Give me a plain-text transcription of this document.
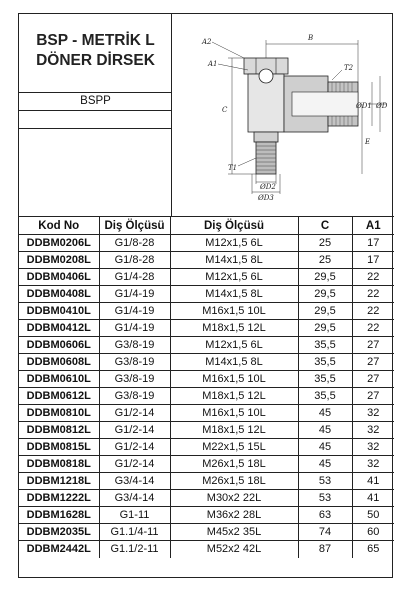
BSP - METRİK L
DÖNER DİRSEK
BSPP
A2	B
A1	T2
C	ØD1 ØD
E
T1
ØD2
ØD3
Kod No	Diş Ölçüsü	Diş Ölçüsü	C	A1
DDBM0206L	G1/8-28	M12x1,5 6L	25	17
DDBM0208L	G1/8-28	M14x1,5 8L	25	17
DDBM0406L	G1/4-28	M12x1,5 6L	29,5	22
DDBM0408L	G1/4-19	M14x1,5 8L	29,5	22
DDBM0410L	G1/4-19	M16x1,5 10L	29,5	22
DDBM0412L	G1/4-19	M18x1,5 12L	29,5	22
DDBM0606L	G3/8-19	M12x1,5 6L	35,5	27
DDBM0608L	G3/8-19	M14x1,5 8L	35,5	27
DDBM0610L	G3/8-19	M16x1,5 10L	35,5	27
DDBM0612L	G3/8-19	M18x1,5 12L	35,5	27
DDBM0810L	G1/2-14	M16x1,5 10L	45	32
DDBM0812L	G1/2-14	M18x1,5 12L	45	32
DDBM0815L	G1/2-14	M22x1,5 15L	45	32
DDBM0818L	G1/2-14	M26x1,5 18L	45	32
DDBM1218L	G3/4-14	M26x1,5 18L	53	41
DDBM1222L	G3/4-14	M30x2 22L	53	41
DDBM1628L	G1-11	M36x2 28L	63	50
DDBM2035L	G1.1/4-11	M45x2 35L	74	60
DDBM2442L	G1.1/2-11	M52x2 42L	87	65
